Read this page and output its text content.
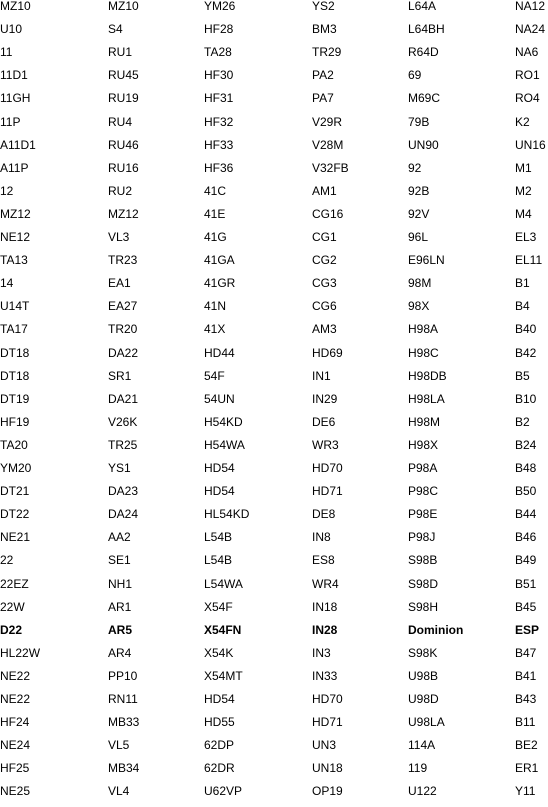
MZ10
U10
11
11D1
11GH
11P
A11D1
A11P
12
MZ12
NE12
TA13
14
U14T
TA17
DT18
DT18
DT19
HF19
TA20
YM20
DT21
DT22
NE21
22
22EZ
22W
D22
HL22W
NE22
NE22
HF24
NE24
HF25
NE25
MZ10
S4
RU1
RU45
RU19
RU4
RU46
RU16
RU2
MZ12
VL3
TR23
EA1
EA27
TR20
DA22
SR1
DA21
V26K
TR25
YS1
DA23
DA24
AA2
SE1
NH1
AR1
AR5
AR4
PP10
RN11
MB33
VL5
MB34
VL4
YM26
HF28
TA28
HF30
HF31
HF32
HF33
HF36
41C
41E
41G
41GA
41GR
41N
41X
HD44
54F
54UN
H54KD
H54WA
HD54
HD54
HL54KD
L54B
L54B
L54WA
X54F
X54FN
X54K
X54MT
HD54
HD55
62DP
62DR
U62VP
YS2
BM3
TR29
PA2
PA7
V29R
V28M
V32FB
AM1
CG16
CG1
CG2
CG3
CG6
AM3
HD69
IN1
IN29
DE6
WR3
HD70
HD71
DE8
IN8
ES8
WR4
IN18
IN28
IN3
IN33
HD70
HD71
UN3
UN18
OP19
L64A
L64BH
R64D
69
M69C
79B
UN90
92
92B
92V
96L
E96LN
98M
98X
H98A
H98C
H98DB
H98LA
H98M
H98X
P98A
P98C
P98E
P98J
S98B
S98D
S98H
Dominion
S98K
U98B
U98D
U98LA
114A
119
U122
NA12
NA24
NA6
RO1
RO4
K2
UN16
M1
M2
M4
EL3
EL11
B1
B4
B40
B42
B5
B10
B2
B24
B48
B50
B44
B46
B49
B51
B45
ESP
B47
B41
B43
B11
BE2
ER1
Y11
